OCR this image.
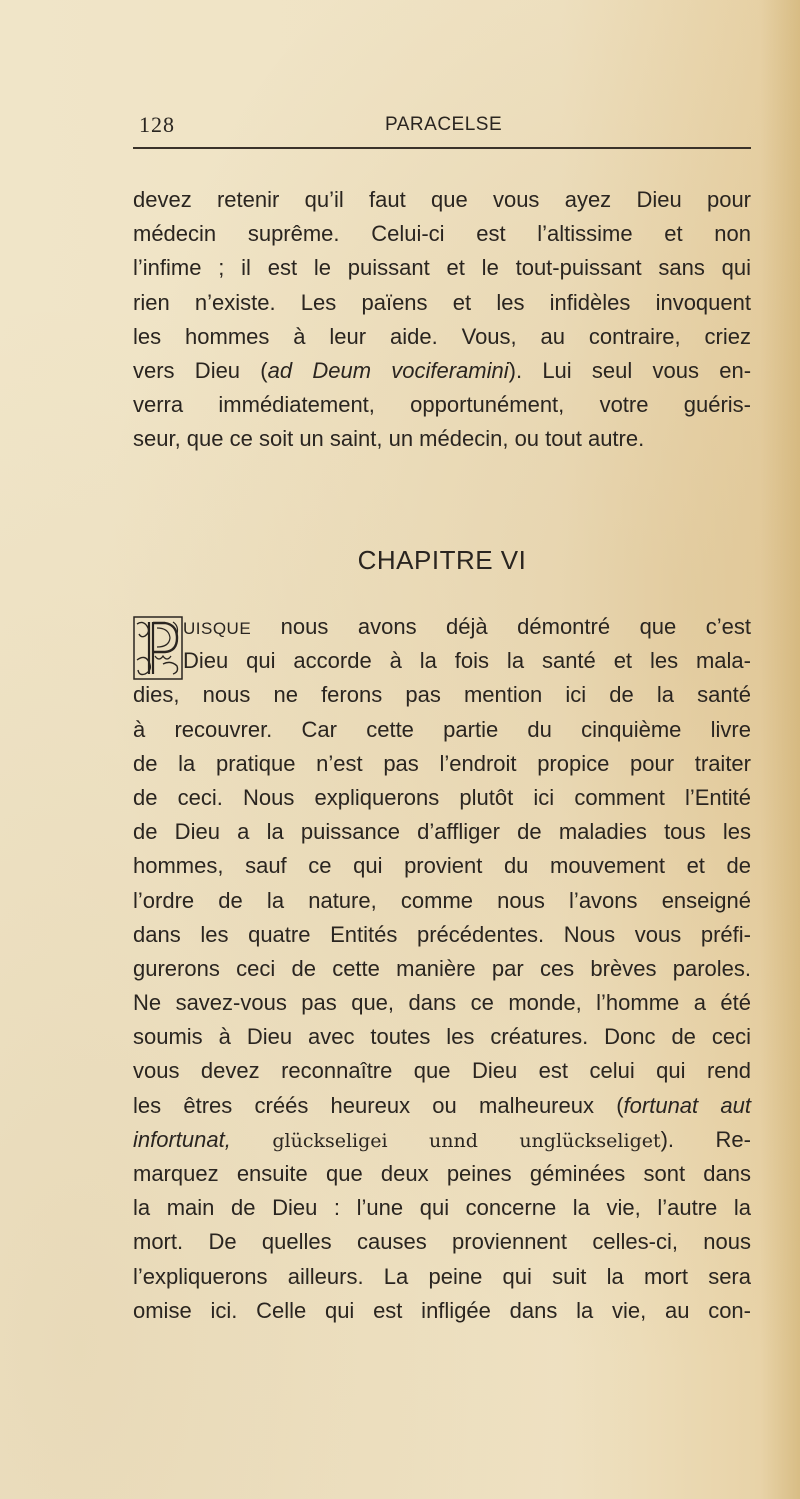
128	PARACELSE
devez retenir qu’il faut que vous ayez Dieu pour
médecin suprême. Celui-ci est l’altissime et non
l’infime ; il est le puissant et le tout-puissant sans qui
rien n’existe. Les païens et les infidèles invoquent
les hommes à leur aide. Vous, au contraire, criez
vers Dieu (ad Deum vociferamini). Lui seul vous en-
verra immédiatement, opportunément, votre guéris-
seur, que ce soit un saint, un médecin, ou tout autre.
CHAPITRE VI
P
UISQUE nous avons déjà démontré que c’est
Dieu qui accorde à la fois la santé et les mala-
dies, nous ne ferons pas mention ici de la santé
à recouvrer. Car cette partie du cinquième livre
de la pratique n’est pas l’endroit propice pour traiter
de ceci. Nous expliquerons plutôt ici comment l’Entité
de Dieu a la puissance d’affliger de maladies tous les
hommes, sauf ce qui provient du mouvement et de
l’ordre de la nature, comme nous l’avons enseigné
dans les quatre Entités précédentes. Nous vous préfi-
gurerons ceci de cette manière par ces brèves paroles.
Ne savez-vous pas que, dans ce monde, l’homme a été
soumis à Dieu avec toutes les créatures. Donc de ceci
vous devez reconnaître que Dieu est celui qui rend
les êtres créés heureux ou malheureux (fortunat aut
infortunat, glückseligei unnd unglückseliget). Re-
marquez ensuite que deux peines géminées sont dans
la main de Dieu : l’une qui concerne la vie, l’autre la
mort. De quelles causes proviennent celles-ci, nous
l’expliquerons ailleurs. La peine qui suit la mort sera
omise ici. Celle qui est infligée dans la vie, au con-
